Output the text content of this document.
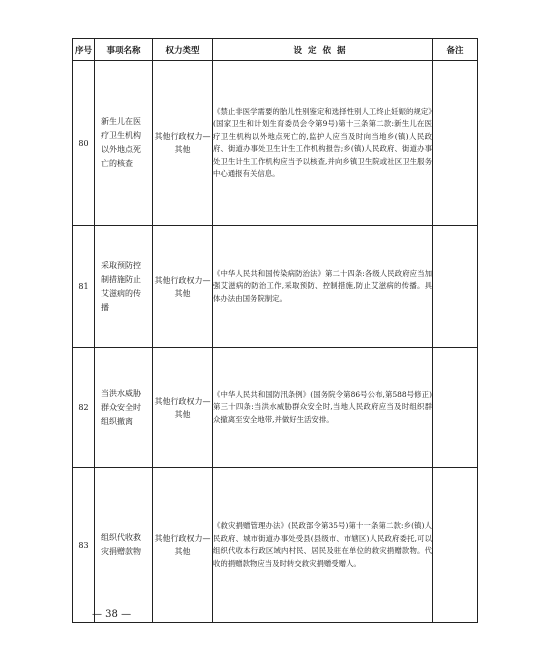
序号	事项名称	权力类型	设定依据	备注
80	新生儿在医疗卫生机构以外地点死亡的核查	其他行政权力—其他	《禁止非医学需要的胎儿性别鉴定和选择性别人工终止妊娠的规定》(国家卫生和计划生育委员会令第9号)第十三条第二款:新生儿在医疗卫生机构以外地点死亡的,监护人应当及时向当地乡(镇)人民政府、街道办事处卫生计生工作机构报告;乡(镇)人民政府、街道办事处卫生计生工作机构应当予以核查,并向乡镇卫生院或社区卫生服务中心通报有关信息。	
81	采取预防控制措施防止艾滋病的传播	其他行政权力—其他	《中华人民共和国传染病防治法》第二十四条:各级人民政府应当加强艾滋病的防治工作,采取预防、控制措施,防止艾滋病的传播。具体办法由国务院制定。	
82	当洪水威胁群众安全时组织撤离	其他行政权力—其他	《中华人民共和国防汛条例》(国务院令第86号公布,第588号修正)第三十四条:当洪水威胁群众安全时,当地人民政府应当及时组织群众撤离至安全地带,并做好生活安排。	
83	组织代收救灾捐赠款物	其他行政权力—其他	《救灾捐赠管理办法》(民政部令第35号)第十一条第二款:乡(镇)人民政府、城市街道办事处受县(县级市、市辖区)人民政府委托,可以组织代收本行政区域内村民、居民及驻在单位的救灾捐赠款物。代收的捐赠款物应当及时转交救灾捐赠受赠人。	
— 38 —
